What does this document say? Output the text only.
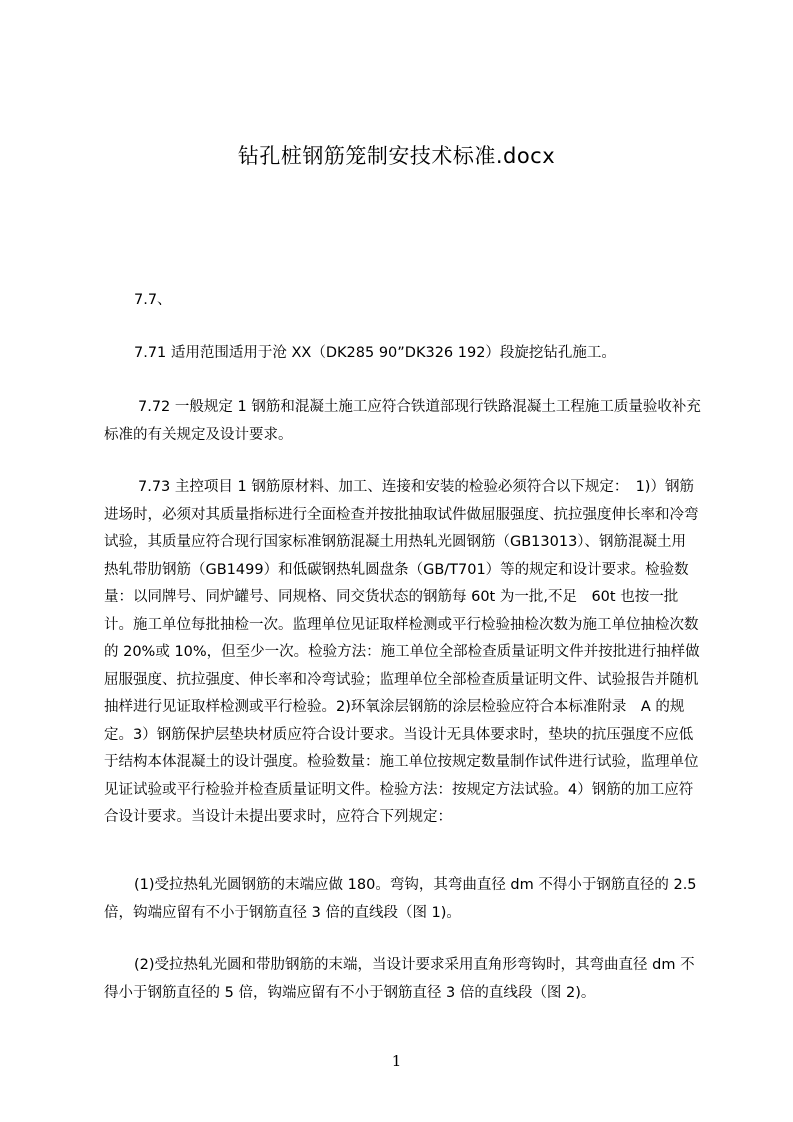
钻孔桩钢筋笼制安技术标准.docx

7.7、

7.71 适用范围适用于沧 XX（DK285 90”DK326 192）段旋挖钻孔施工。

7.72 一般规定 1 钢筋和混凝土施工应符合铁道部现行铁路混凝土工程施工质量验收补充标准的有关规定及设计要求。

7.73 主控项目 1 钢筋原材料、加工、连接和安装的检验必须符合以下规定：　1)）钢筋进场时，必须对其质量指标进行全面检查并按批抽取试件做屈服强度、抗拉强度伸长率和冷弯试验，其质量应符合现行国家标准钢筋混凝土用热轧光圆钢筋（GB13013）、钢筋混凝土用热轧带肋钢筋（GB1499）和低碳钢热轧圆盘条（GB/T701）等的规定和设计要求。检验数量：以同牌号、同炉罐号、同规格、同交货状态的钢筋每 60t 为一批,不足　60t 也按一批计。施工单位每批抽检一次。监理单位见证取样检测或平行检验抽检次数为施工单位抽检次数的 20%或 10%，但至少一次。检验方法：施工单位全部检查质量证明文件并按批进行抽样做屈服强度、抗拉强度、伸长率和冷弯试验；监理单位全部检查质量证明文件、试验报告并随机抽样进行见证取样检测或平行检验。2)环氧涂层钢筋的涂层检验应符合本标准附录　A 的规定。3）钢筋保护层垫块材质应符合设计要求。当设计无具体要求时，垫块的抗压强度不应低于结构本体混凝土的设计强度。检验数量：施工单位按规定数量制作试件进行试验，监理单位见证试验或平行检验并检查质量证明文件。检验方法：按规定方法试验。4）钢筋的加工应符合设计要求。当设计未提出要求时，应符合下列规定：

(1)受拉热轧光圆钢筋的末端应做 180。弯钩，其弯曲直径 dm 不得小于钢筋直径的 2.5 倍，钩端应留有不小于钢筋直径 3 倍的直线段（图 1)。

(2)受拉热轧光圆和带肋钢筋的末端，当设计要求采用直角形弯钩时，其弯曲直径 dm 不得小于钢筋直径的 5 倍，钩端应留有不小于钢筋直径 3 倍的直线段（图 2)。

1
